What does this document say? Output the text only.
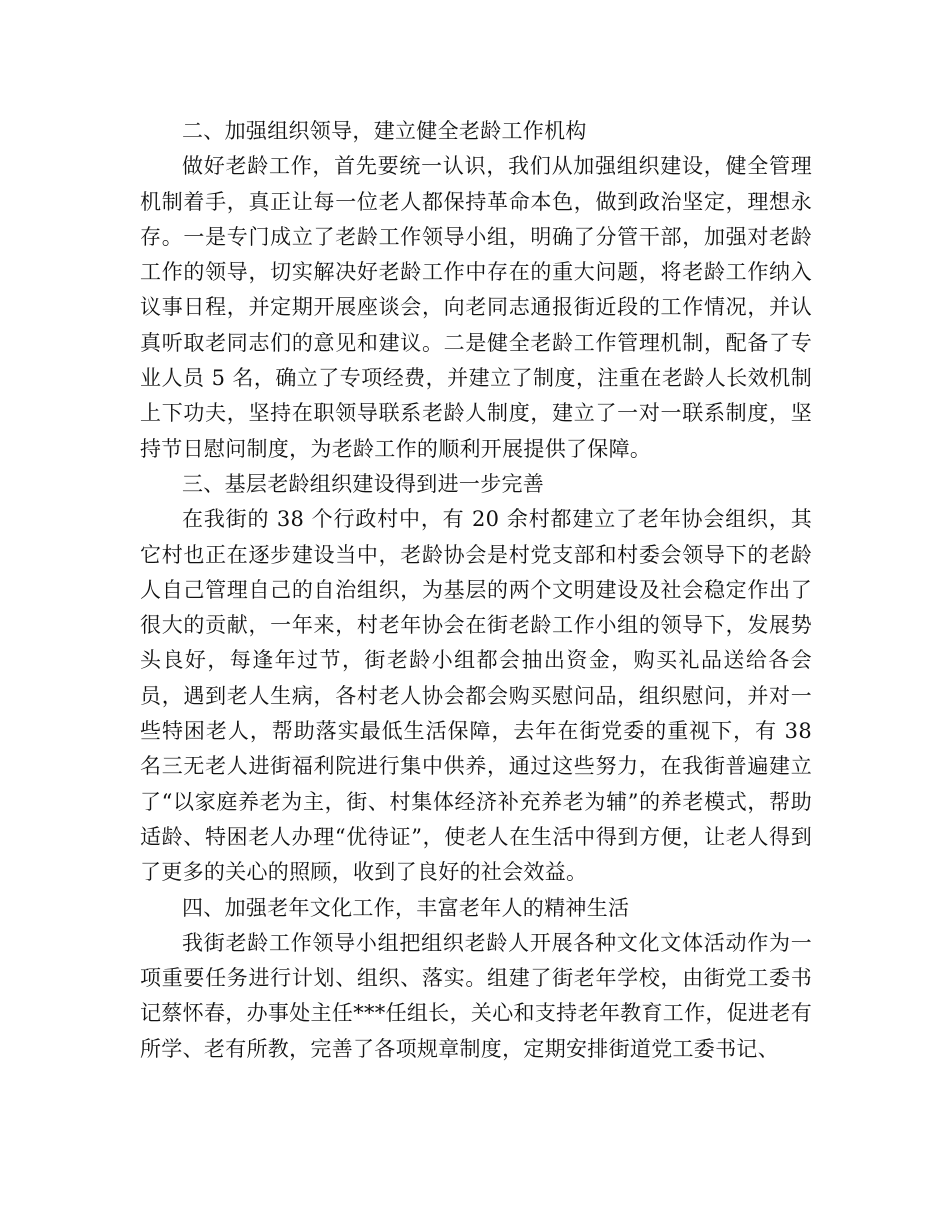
二、加强组织领导，建立健全老龄工作机构

做好老龄工作，首先要统一认识，我们从加强组织建设，健全管理机制着手，真正让每一位老人都保持革命本色，做到政治坚定，理想永存。一是专门成立了老龄工作领导小组，明确了分管干部，加强对老龄工作的领导，切实解决好老龄工作中存在的重大问题，将老龄工作纳入议事日程，并定期开展座谈会，向老同志通报街近段的工作情况，并认真听取老同志们的意见和建议。二是健全老龄工作管理机制，配备了专业人员 5 名，确立了专项经费，并建立了制度，注重在老龄人长效机制上下功夫，坚持在职领导联系老龄人制度，建立了一对一联系制度，坚持节日慰问制度，为老龄工作的顺利开展提供了保障。

三、基层老龄组织建设得到进一步完善

在我街的 38 个行政村中，有 20 余村都建立了老年协会组织，其它村也正在逐步建设当中，老龄协会是村党支部和村委会领导下的老龄人自己管理自己的自治组织，为基层的两个文明建设及社会稳定作出了很大的贡献，一年来，村老年协会在街老龄工作小组的领导下，发展势头良好，每逢年过节，街老龄小组都会抽出资金，购买礼品送给各会员，遇到老人生病，各村老人协会都会购买慰问品，组织慰问，并对一些特困老人，帮助落实最低生活保障，去年在街党委的重视下，有 38 名三无老人进街福利院进行集中供养，通过这些努力，在我街普遍建立了“以家庭养老为主，街、村集体经济补充养老为辅”的养老模式，帮助适龄、特困老人办理“优待证”，使老人在生活中得到方便，让老人得到了更多的关心的照顾，收到了良好的社会效益。

四、加强老年文化工作，丰富老年人的精神生活

我街老龄工作领导小组把组织老龄人开展各种文化文体活动作为一项重要任务进行计划、组织、落实。组建了街老年学校，由街党工委书记蔡怀春，办事处主任***任组长，关心和支持老年教育工作，促进老有所学、老有所教，完善了各项规章制度，定期安排街道党工委书记、
